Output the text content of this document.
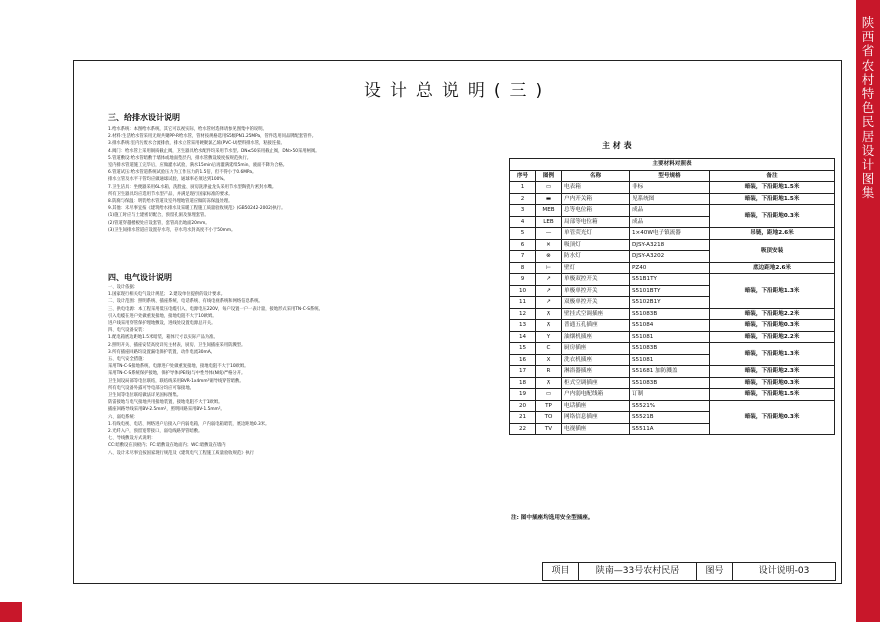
设计总说明(三)
三、给排水设计说明
1.给水系统：本图给水系统，其它可以视实际，给水管材选择请参见图集中的说明。
2.材料:生活给水管采用无规共聚PP-R给水管，管材按规格选用S5级PN1.25MPa，管件选用同品牌配套管件。
3.排水系统:室内污废水合流排放，排水立管采用硬聚氯乙烯(PVC-U)塑料排水管，粘接连接。
4.阀门：给水管上采用铜质截止阀，卫生器具给水配件均采用节水型。DN≤50采用截止阀，DN>50采用闸阀。
5.管道敷设:给水管暗敷于墙体或地面垫层内，排水管敷设坡度按规范执行。
室内排水管道施工完毕后，应做灌水试验，满水15min后再灌满延续5min，液面不降为合格。
6.管道试压:给水管道系统试验压力为工作压力的1.5倍，但不得小于0.6MPa。
排水立管及水平干管均应做通球试验，通球率必须达到100%。
7.卫生洁具：坐便器采用6L水箱，洗脸盆、厨房洗涤盆龙头采用节水型陶瓷片密封水嘴。
所有卫生器具均应选用节水型产品，并满足现行国家标准的要求。
8.防腐与保温：明装给水管道及室外埋地管道应做防冻保温处理。
9.其他：未尽事宜按《建筑给水排水及采暖工程施工质量验收规范》(GB50242-2002)执行。
(1)施工时应与土建密切配合，预留孔洞及预埋套管。
(2)管道穿越楼板处应设套管，套管高出地面20mm。
(3)卫生间排水管道应设置存水弯，存水弯水封高度不小于50mm。
四、电气设计说明
一、设计依据：
1.国家现行相关电气设计规范； 2.建设单位提供的设计要求。
二、设计范围：照明系统、插座系统、电话系统、有线电视系统和网络信息系统。
三、供电电源：本工程采用低压电缆引入，电源电压220V，每户设置一户一表计量，接地形式采用TN-C-S系统。
引入电缆在进户处做重复接地，接地电阻不大于10欧姆。
进户线采用穿管保护埋地敷设，进线处设置电源总开关。
四、电气设备安装：
1.配电箱底边距地1.5米暗装，箱体尺寸以实际产品为准。
2.照明开关、插座安装高度详见主材表，厨房、卫生间插座采用防溅型。
3.所有插座回路均设置漏电保护装置，动作电流30mA。
五、电气安全措施：
采用TN-C-S接地系统，电源进户处做重复接地，接地电阻不大于10欧姆。
采用TN-C-S系统保护接地，保护导体(PE线)与中性导体(N线)严格分开。
卫生间设局部等电位联结，联结线采用BVR-1x4mm²铜导线穿管暗敷。
所有电气设备外露可导电部分均应可靠接地。
卫生间等电位联结做法详见国标图集。
防雷接地与电气接地共用接地装置，接地电阻不大于1欧姆。
插座回路导线采用BV-2.5mm²，照明回路采用BV-1.5mm²。
六、弱电系统：
1.有线电视、电话、网络进户后接入户内弱电箱，户内弱电箱暗装，底边距地0.3米。
2.光纤入户，预留宽带接口，弱电线路穿管暗敷。
七、导线敷设方式说明：
CC:暗敷设在顶板内；FC:暗敷设在地面内；WC:暗敷设在墙内
八、设计未尽事宜按国家现行规范及《建筑电气工程施工质量验收规范》执行
主 材 表
主要材料对照表				
序号	图例	名称	型号规格	备注
1	▭	电表箱	非标	暗装，下沿距地1.5米
2	▬	户内开关箱	见系统图	暗装，下沿距地1.5米
3	MEB	总等电位箱	成品	暗装，下沿距地0.3米
4	LEB	局部等电位箱	成品	
5	—	单管荧光灯	1×40W电子镇流器	吊链，距地2.6米
6	✕	吸顶灯	DJSY-A3218	吸顶安装
7	⊗	防水灯	DJSY-A3202	
8	⊢	壁灯	PZ40	底边距地2.6米
9	↗	单极双控开关	S51B1TY	暗装，下沿距地1.3米
10	↗	单极单控开关	S5101BTY	
11	↗	双极单控开关	S5102B1Y	
12	⊼	壁挂式空调插座	S51083B	暗装，下沿距地2.2米
13	⊼	普通五孔插座	S51084	暗装，下沿距地0.3米
14	Y	油烟机插座	S51081	暗装，下沿距地2.2米
15	C	厨房插座	S51083B	暗装，下沿距地1.3米
16	X	洗衣机插座	S51081	
17	R	淋浴器插座	S51681 加防溅盖	暗装，下沿距地2.3米
18	⊼	柜式空调插座	S51083B	暗装，下沿距地0.3米
19	▭	户内弱电配线箱	订制	暗装，下沿距地1.5米
20	TP	电话插座	S5521%	暗装，下沿距地0.3米
21	TO	网络信息插座	S5521B	
22	TV	电视插座	S5511A	
注: 图中插座均选用安全型插座。
项目	陕南—33号农村民居	图号	设计说明-03
陕西省农村特色民居设计图集
